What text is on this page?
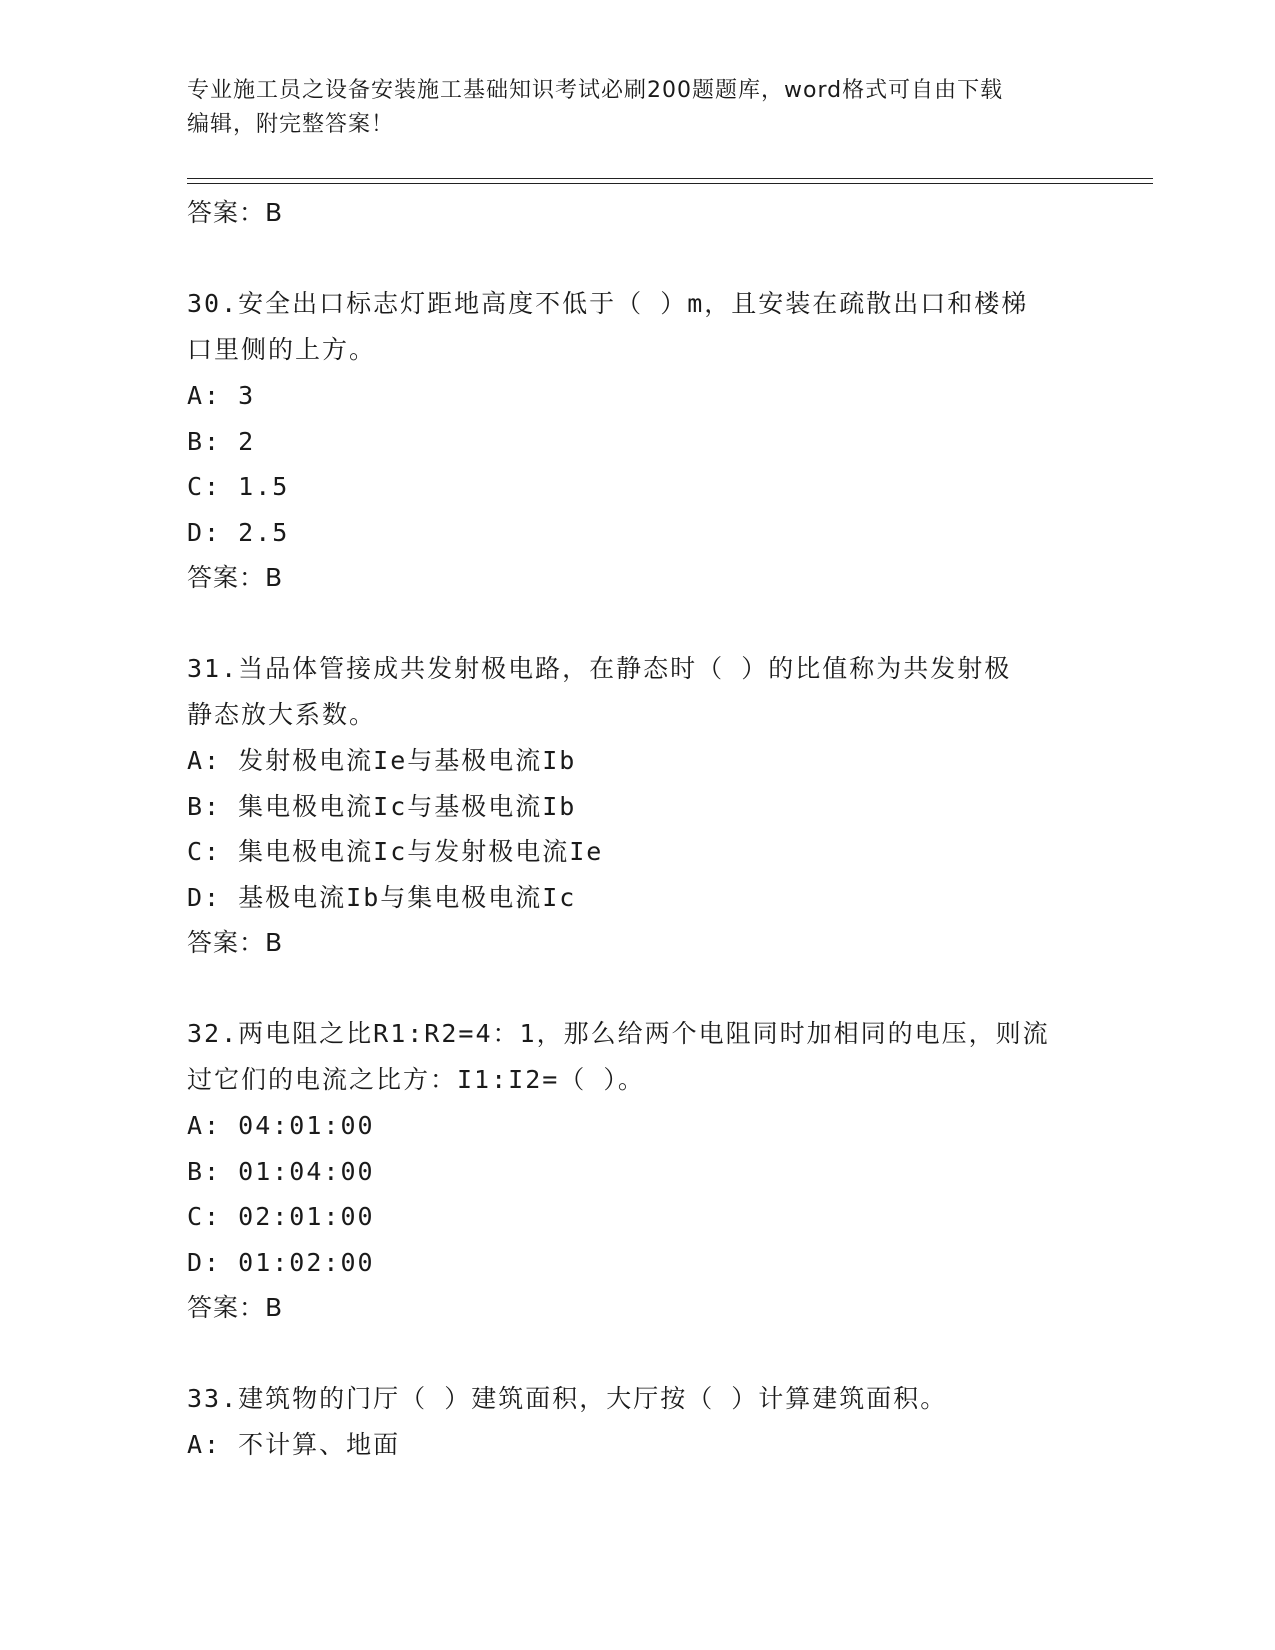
专业施工员之设备安装施工基础知识考试必刷200题题库，word格式可自由下载
编辑，附完整答案！
答案：B
30.安全出口标志灯距地高度不低于（ ）m，且安装在疏散出口和楼梯
口里侧的上方。
A: 3
B: 2
C: 1.5
D: 2.5
答案：B
31.当品体管接成共发射极电路，在静态时（ ）的比值称为共发射极
静态放大系数。
A: 发射极电流Ie与基极电流Ib
B: 集电极电流Ic与基极电流Ib
C: 集电极电流Ic与发射极电流Ie
D: 基极电流Ib与集电极电流Ic
答案：B
32.两电阻之比R1:R2=4：1，那么给两个电阻同时加相同的电压，则流
过它们的电流之比方：I1:I2=（ ）。
A: 04:01:00
B: 01:04:00
C: 02:01:00
D: 01:02:00
答案：B
33.建筑物的门厅（ ）建筑面积，大厅按（ ）计算建筑面积。
A: 不计算、地面
